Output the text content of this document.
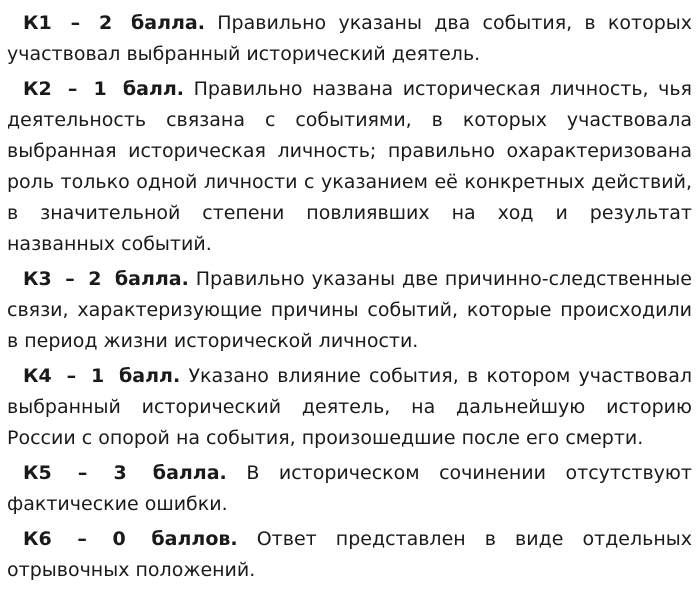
К1 – 2 балла. Правильно указаны два события, в которых участвовал выбранный исторический деятель.

К2 – 1 балл. Правильно названа историческая личность, чья деятельность связана с событиями, в которых участвовала выбранная историческая личность; правильно охарактеризована роль только одной личности с указанием её конкретных действий, в значительной степени повлиявших на ход и результат названных событий.

К3 – 2 балла. Правильно указаны две причинно-следственные связи, характеризующие причины событий, которые происходили в период жизни исторической личности.

К4 – 1 балл. Указано влияние события, в котором участвовал выбранный исторический деятель, на дальнейшую историю России с опорой на события, произошедшие после его смерти.

К5 – 3 балла. В историческом сочинении отсутствуют фактические ошибки.

К6 – 0 баллов. Ответ представлен в виде отдельных отрывочных положений.
